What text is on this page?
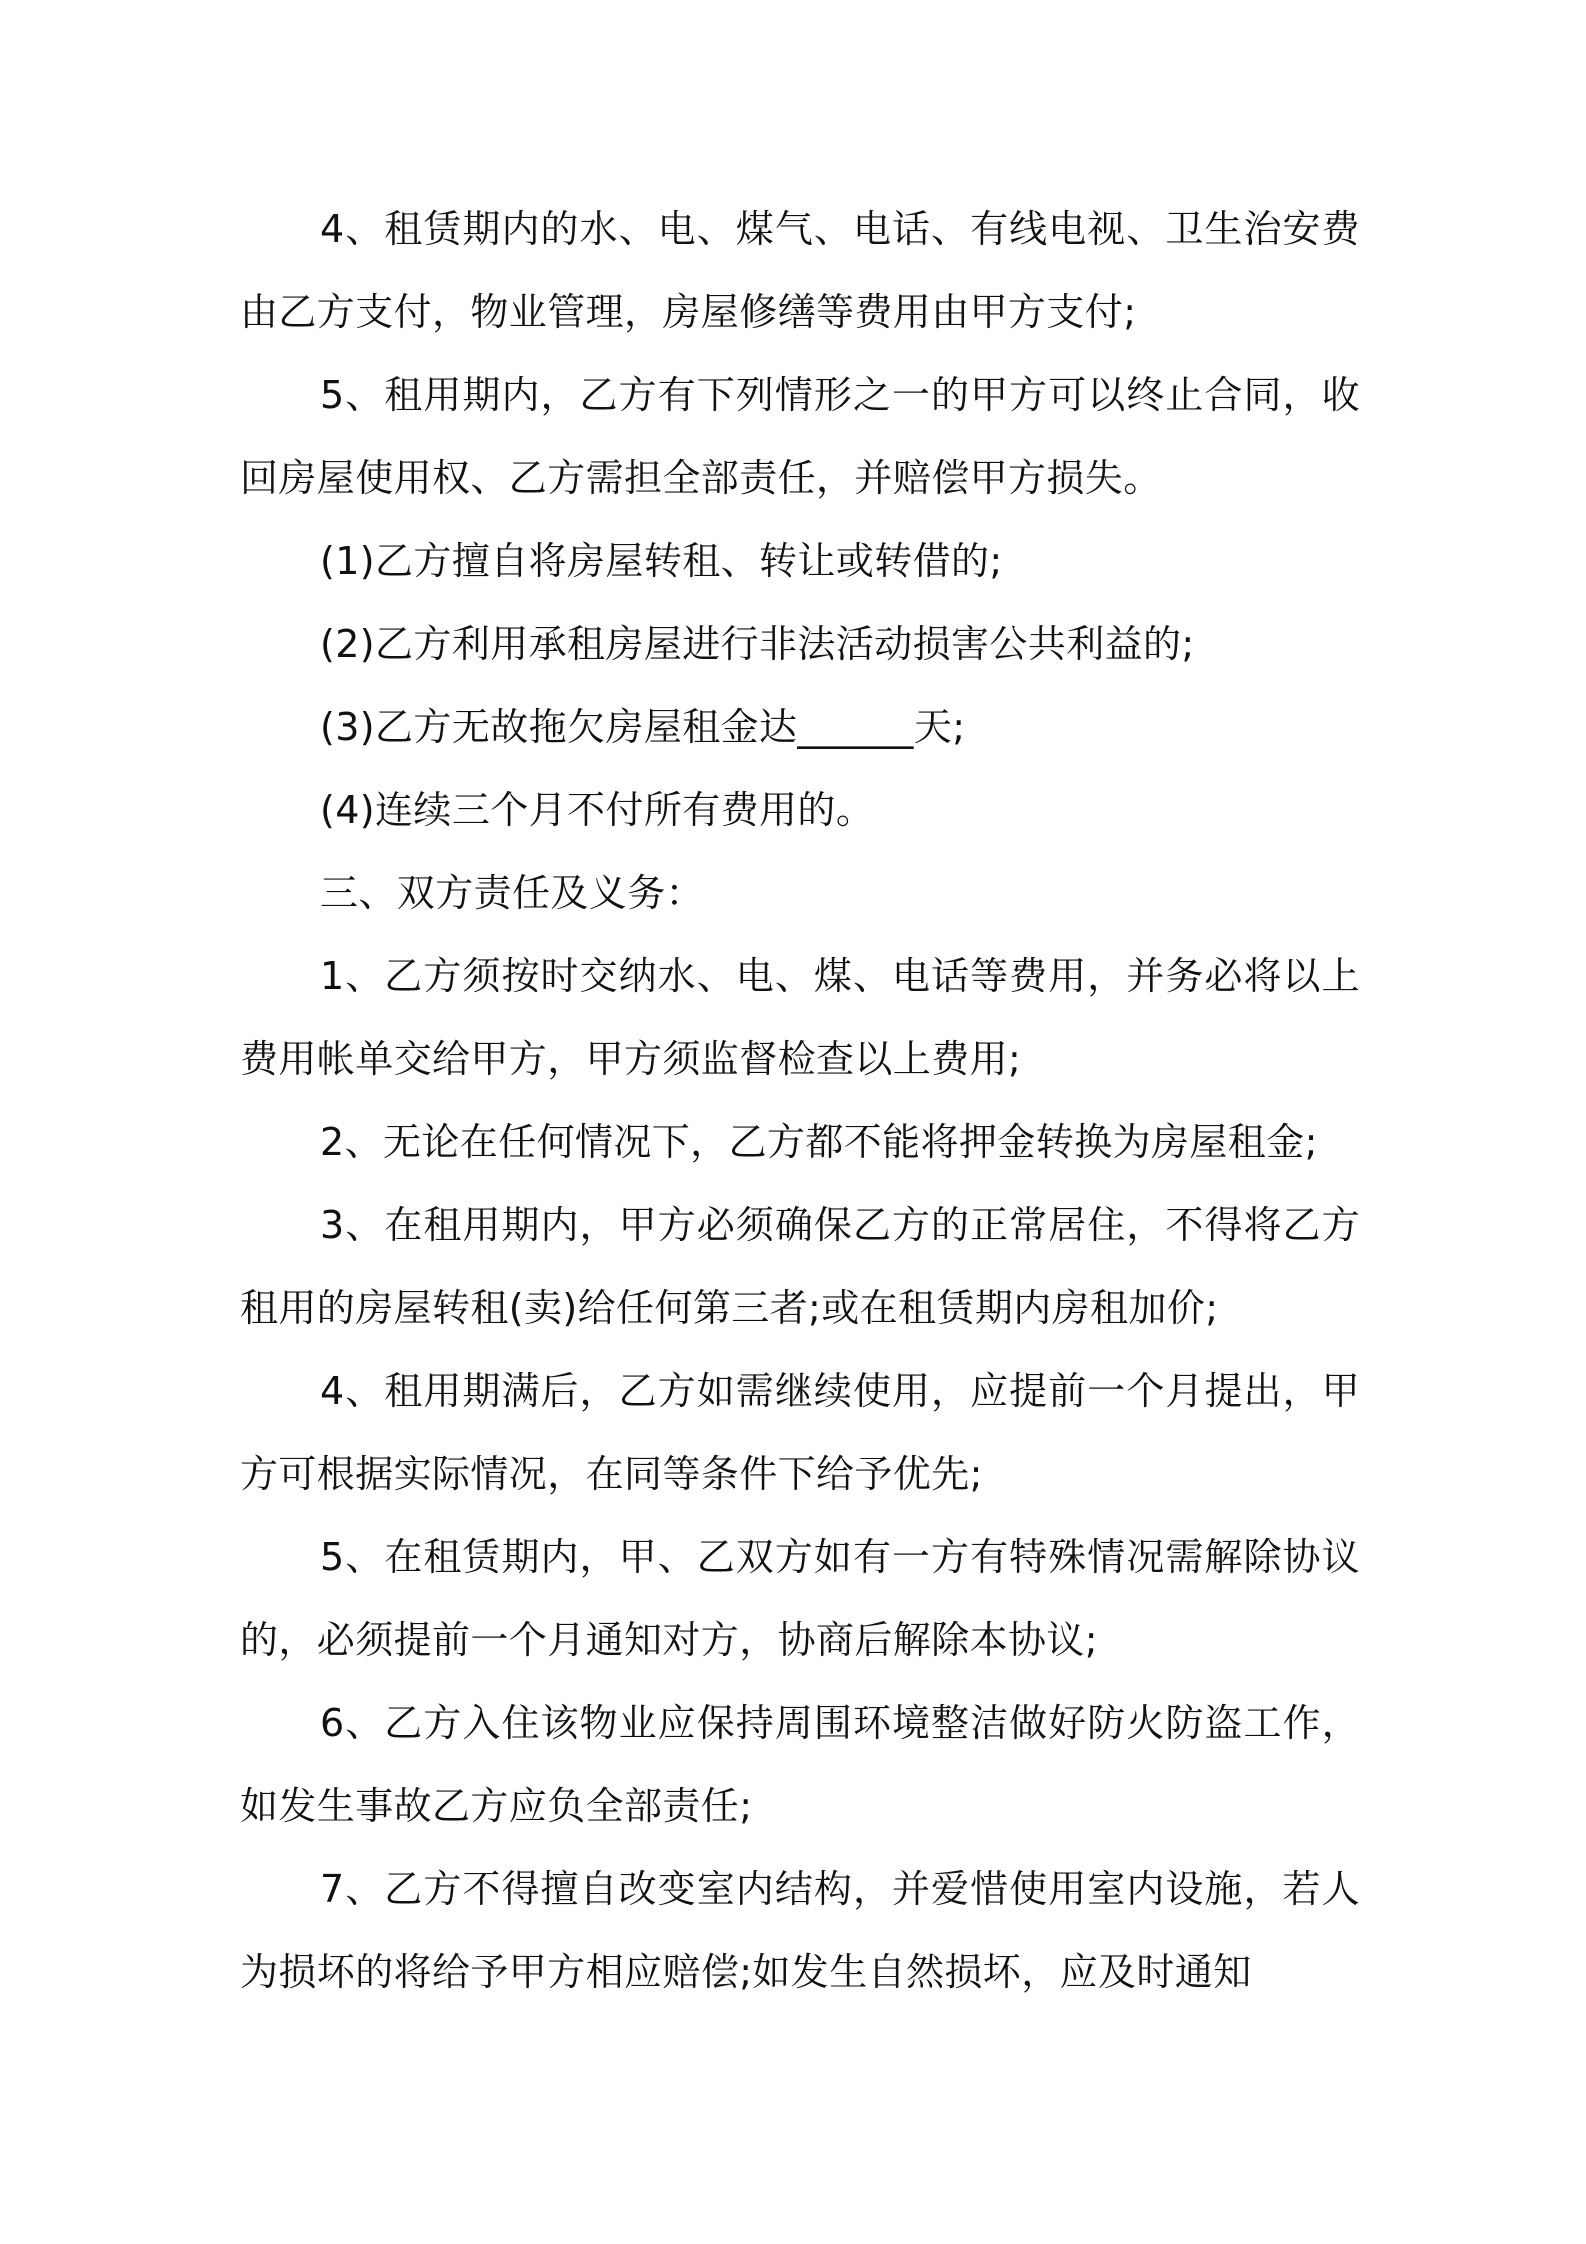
4、租赁期内的水、电、煤气、电话、有线电视、卫生治安费由乙方支付，物业管理，房屋修缮等费用由甲方支付;

5、租用期内，乙方有下列情形之一的甲方可以终止合同，收回房屋使用权、乙方需担全部责任，并赔偿甲方损失。

(1)乙方擅自将房屋转租、转让或转借的;

(2)乙方利用承租房屋进行非法活动损害公共利益的;

(3)乙方无故拖欠房屋租金达______天;

(4)连续三个月不付所有费用的。

三、双方责任及义务：

1、乙方须按时交纳水、电、煤、电话等费用，并务必将以上费用帐单交给甲方，甲方须监督检查以上费用;

2、无论在任何情况下，乙方都不能将押金转换为房屋租金;

3、在租用期内，甲方必须确保乙方的正常居住，不得将乙方租用的房屋转租(卖)给任何第三者;或在租赁期内房租加价;

4、租用期满后，乙方如需继续使用，应提前一个月提出，甲方可根据实际情况，在同等条件下给予优先;

5、在租赁期内，甲、乙双方如有一方有特殊情况需解除协议的，必须提前一个月通知对方，协商后解除本协议;

6、乙方入住该物业应保持周围环境整洁做好防火防盗工作，如发生事故乙方应负全部责任;

7、乙方不得擅自改变室内结构，并爱惜使用室内设施，若人为损坏的将给予甲方相应赔偿;如发生自然损坏，应及时通知
